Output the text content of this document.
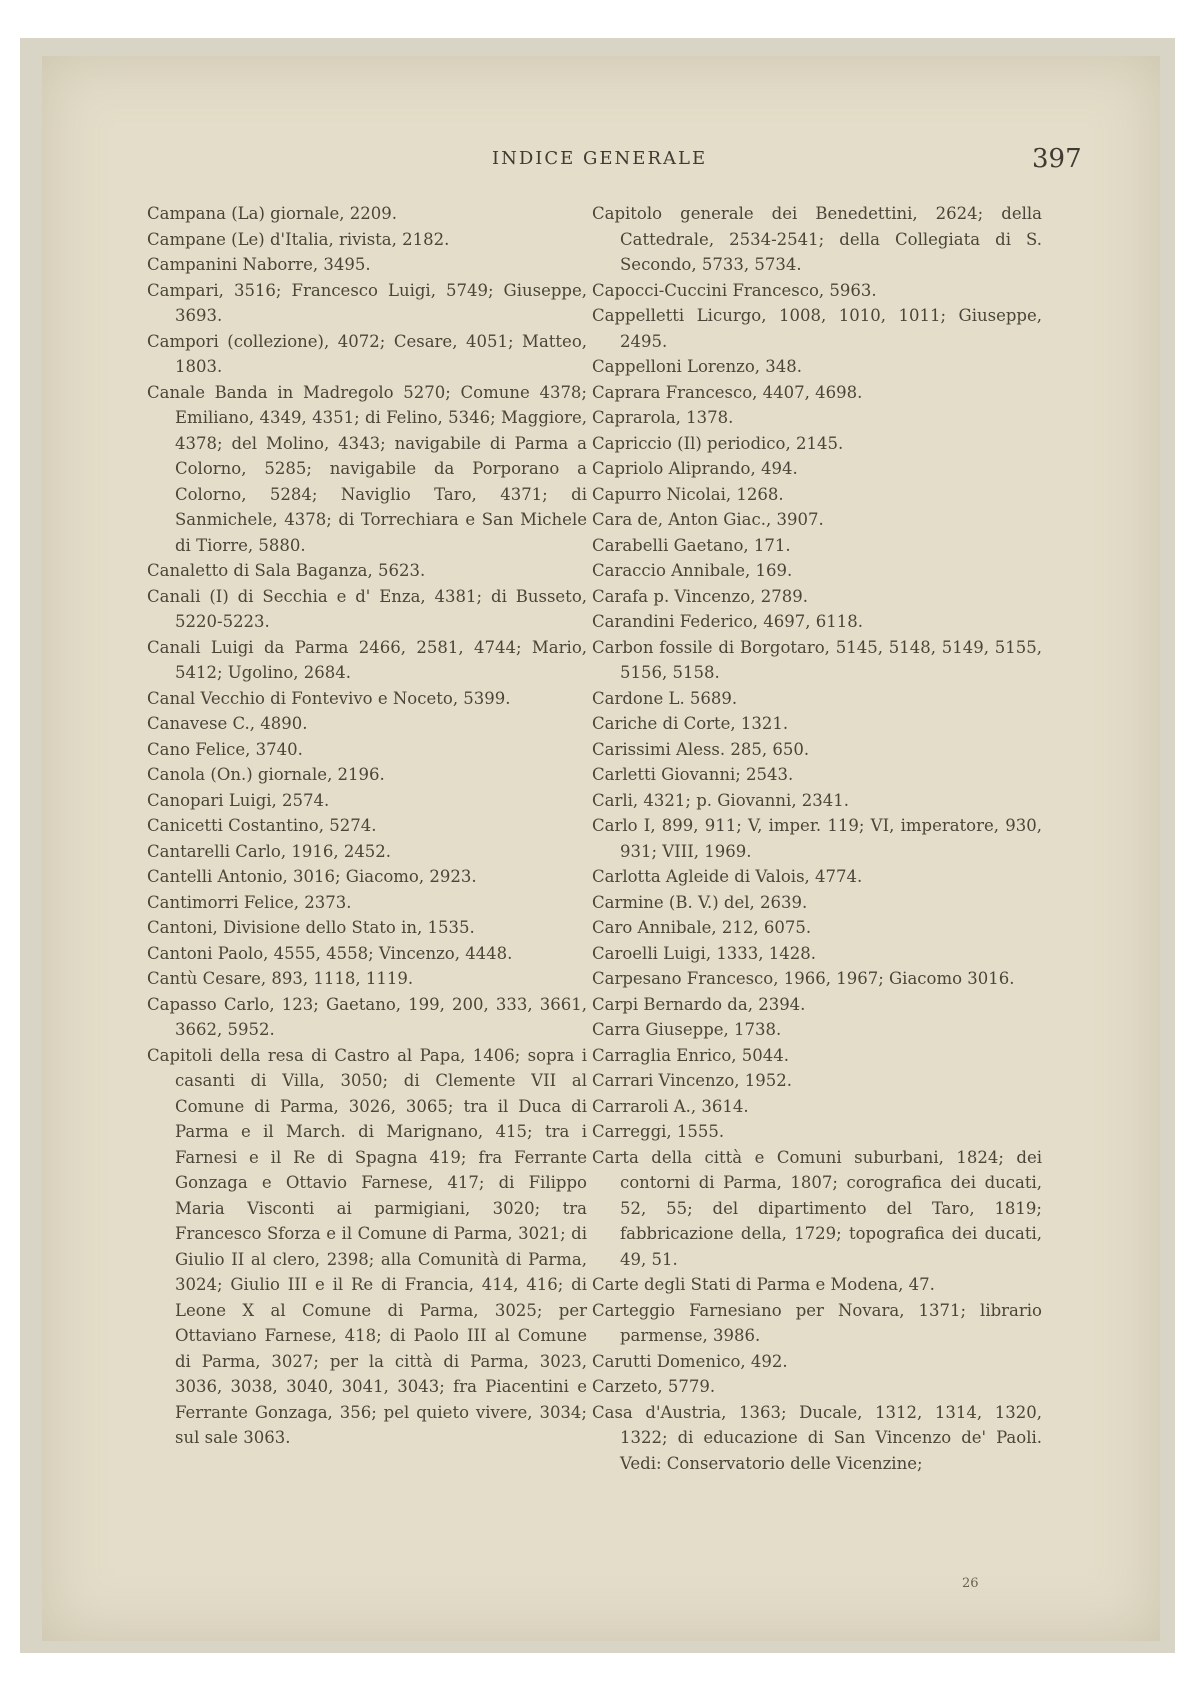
INDICE GENERALE	397

Campana (La) giornale, 2209.

Campane (Le) d'Italia, rivista, 2182.

Campanini Naborre, 3495.

Campari, 3516; Francesco Luigi, 5749; Giuseppe, 3693.

Campori (collezione), 4072; Cesare, 4051; Matteo, 1803.

Canale Banda in Madregolo 5270; Comune 4378; Emiliano, 4349, 4351; di Felino, 5346; Maggiore, 4378; del Molino, 4343; navigabile di Parma a Colorno, 5285; navigabile da Porporano a Colorno, 5284; Naviglio Taro, 4371; di Sanmichele, 4378; di Torrechiara e San Michele di Tiorre, 5880.

Canaletto di Sala Baganza, 5623.

Canali (I) di Secchia e d' Enza, 4381; di Busseto, 5220-5223.

Canali Luigi da Parma 2466, 2581, 4744; Mario, 5412; Ugolino, 2684.

Canal Vecchio di Fontevivo e Noceto, 5399.

Canavese C., 4890.

Cano Felice, 3740.

Canola (On.) giornale, 2196.

Canopari Luigi, 2574.

Canicetti Costantino, 5274.

Cantarelli Carlo, 1916, 2452.

Cantelli Antonio, 3016; Giacomo, 2923.

Cantimorri Felice, 2373.

Cantoni, Divisione dello Stato in, 1535.

Cantoni Paolo, 4555, 4558; Vincenzo, 4448.

Cantù Cesare, 893, 1118, 1119.

Capasso Carlo, 123; Gaetano, 199, 200, 333, 3661, 3662, 5952.

Capitoli della resa di Castro al Papa, 1406; sopra i casanti di Villa, 3050; di Clemente VII al Comune di Parma, 3026, 3065; tra il Duca di Parma e il March. di Marignano, 415; tra i Farnesi e il Re di Spagna 419; fra Ferrante Gonzaga e Ottavio Farnese, 417; di Filippo Maria Visconti ai parmigiani, 3020; tra Francesco Sforza e il Comune di Parma, 3021; di Giulio II al clero, 2398; alla Comunità di Parma, 3024; Giulio III e il Re di Francia, 414, 416; di Leone X al Comune di Parma, 3025; per Ottaviano Farnese, 418; di Paolo III al Comune di Parma, 3027; per la città di Parma, 3023, 3036, 3038, 3040, 3041, 3043; fra Piacentini e Ferrante Gonzaga, 356; pel quieto vivere, 3034; sul sale 3063.

Capitolo generale dei Benedettini, 2624; della Cattedrale, 2534-2541; della Collegiata di S. Secondo, 5733, 5734.

Capocci-Cuccini Francesco, 5963.

Cappelletti Licurgo, 1008, 1010, 1011; Giuseppe, 2495.

Cappelloni Lorenzo, 348.

Caprara Francesco, 4407, 4698.

Caprarola, 1378.

Capriccio (Il) periodico, 2145.

Capriolo Aliprando, 494.

Capurro Nicolai, 1268.

Cara de, Anton Giac., 3907.

Carabelli Gaetano, 171.

Caraccio Annibale, 169.

Carafa p. Vincenzo, 2789.

Carandini Federico, 4697, 6118.

Carbon fossile di Borgotaro, 5145, 5148, 5149, 5155, 5156, 5158.

Cardone L. 5689.

Cariche di Corte, 1321.

Carissimi Aless. 285, 650.

Carletti Giovanni; 2543.

Carli, 4321; p. Giovanni, 2341.

Carlo I, 899, 911; V, imper. 119; VI, imperatore, 930, 931; VIII, 1969.

Carlotta Agleide di Valois, 4774.

Carmine (B. V.) del, 2639.

Caro Annibale, 212, 6075.

Caroelli Luigi, 1333, 1428.

Carpesano Francesco, 1966, 1967; Giacomo 3016.

Carpi Bernardo da, 2394.

Carra Giuseppe, 1738.

Carraglia Enrico, 5044.

Carrari Vincenzo, 1952.

Carraroli A., 3614.

Carreggi, 1555.

Carta della città e Comuni suburbani, 1824; dei contorni di Parma, 1807; corografica dei ducati, 52, 55; del dipartimento del Taro, 1819; fabbricazione della, 1729; topografica dei ducati, 49, 51.

Carte degli Stati di Parma e Modena, 47.

Carteggio Farnesiano per Novara, 1371; librario parmense, 3986.

Carutti Domenico, 492.

Carzeto, 5779.

Casa d'Austria, 1363; Ducale, 1312, 1314, 1320, 1322; di educazione di San Vincenzo de' Paoli. Vedi: Conservatorio delle Vicenzine;

26
